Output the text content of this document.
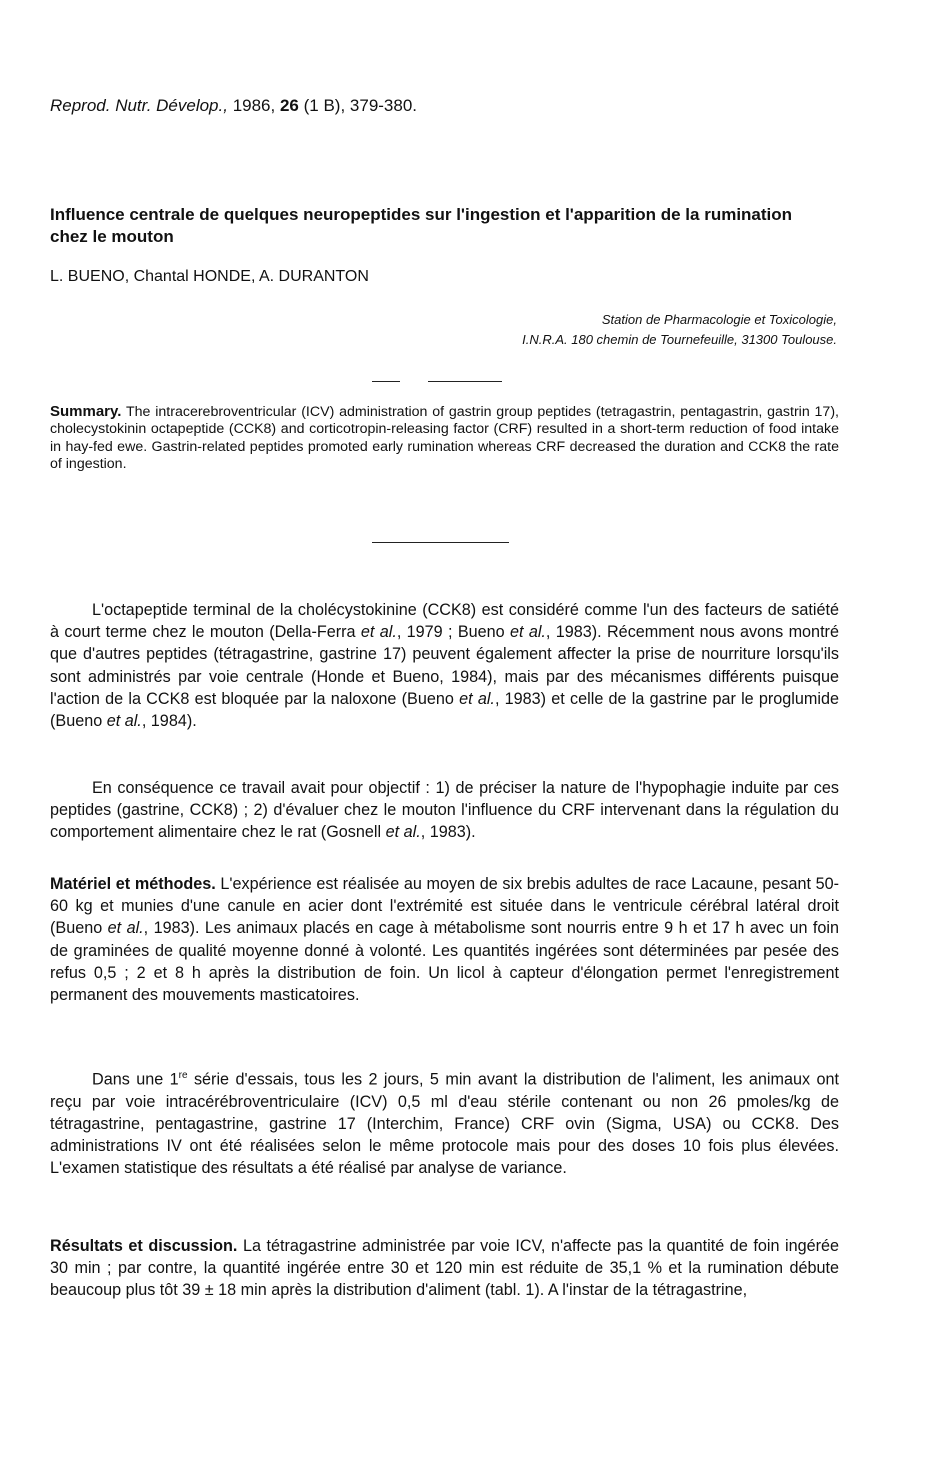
Reprod. Nutr. Dévelop., 1986, 26 (1 B), 379-380.
Influence centrale de quelques neuropeptides sur l'ingestion et l'apparition de la rumination chez le mouton
L. BUENO, Chantal HONDE, A. DURANTON
Station de Pharmacologie et Toxicologie,
I.N.R.A. 180 chemin de Tournefeuille, 31300 Toulouse.
Summary. The intracerebroventricular (ICV) administration of gastrin group peptides (tetragastrin, pentagastrin, gastrin 17), cholecystokinin octapeptide (CCK8) and corticotropin-releasing factor (CRF) resulted in a short-term reduction of food intake in hay-fed ewe. Gastrin-related peptides promoted early rumination whereas CRF decreased the duration and CCK8 the rate of ingestion.

L'octapeptide terminal de la cholécystokinine (CCK8) est considéré comme l'un des facteurs de satiété à court terme chez le mouton (Della-Ferra et al., 1979 ; Bueno et al., 1983). Récemment nous avons montré que d'autres peptides (tétragastrine, gastrine 17) peuvent également affecter la prise de nourriture lorsqu'ils sont administrés par voie centrale (Honde et Bueno, 1984), mais par des mécanismes différents puisque l'action de la CCK8 est bloquée par la naloxone (Bueno et al., 1983) et celle de la gastrine par le proglumide (Bueno et al., 1984).

En conséquence ce travail avait pour objectif : 1) de préciser la nature de l'hypophagie induite par ces peptides (gastrine, CCK8) ; 2) d'évaluer chez le mouton l'influence du CRF intervenant dans la régulation du comportement alimentaire chez le rat (Gosnell et al., 1983).

Matériel et méthodes. L'expérience est réalisée au moyen de six brebis adultes de race Lacaune, pesant 50-60 kg et munies d'une canule en acier dont l'extrémité est située dans le ventricule cérébral latéral droit (Bueno et al., 1983). Les animaux placés en cage à métabolisme sont nourris entre 9 h et 17 h avec un foin de graminées de qualité moyenne donné à volonté. Les quantités ingérées sont déterminées par pesée des refus 0,5 ; 2 et 8 h après la distribution de foin. Un licol à capteur d'élongation permet l'enregistrement permanent des mouvements masticatoires.

Dans une 1re série d'essais, tous les 2 jours, 5 min avant la distribution de l'aliment, les animaux ont reçu par voie intracérébroventriculaire (ICV) 0,5 ml d'eau stérile contenant ou non 26 pmoles/kg de tétragastrine, pentagastrine, gastrine 17 (Interchim, France) CRF ovin (Sigma, USA) ou CCK8. Des administrations IV ont été réalisées selon le même protocole mais pour des doses 10 fois plus élevées. L'examen statistique des résultats a été réalisé par analyse de variance.

Résultats et discussion. La tétragastrine administrée par voie ICV, n'affecte pas la quantité de foin ingérée 30 min ; par contre, la quantité ingérée entre 30 et 120 min est réduite de 35,1 % et la rumination débute beaucoup plus tôt 39 ± 18 min après la distribution d'aliment (tabl. 1). A l'instar de la tétragastrine,
